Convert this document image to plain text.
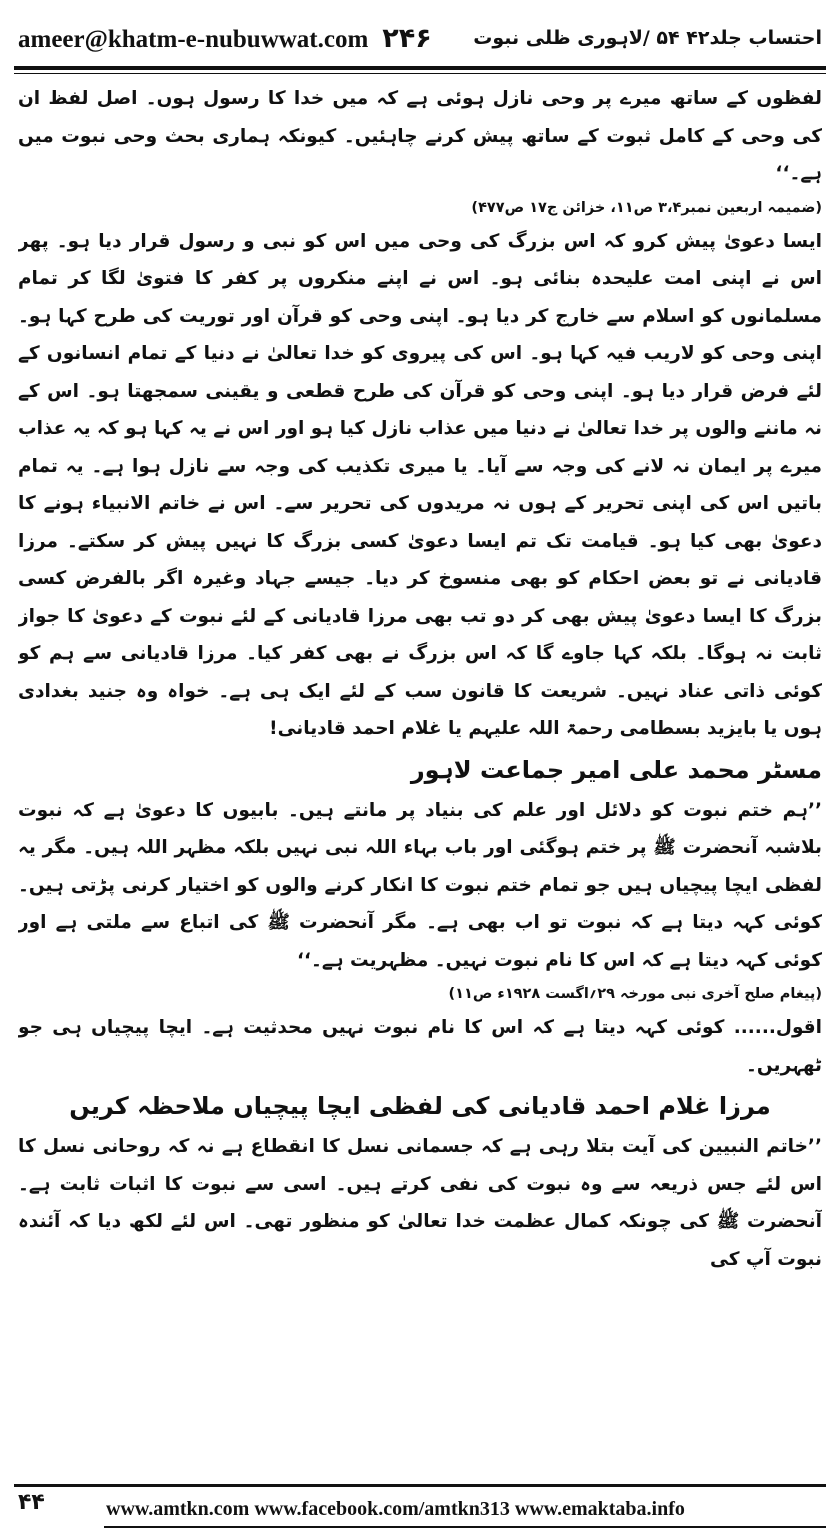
ameer@khatm-e-nubuwwat.com ۲۴۶ احتساب جلد۴۲ ۵۴ /لاہوری ظلی نبوت

لفظوں کے ساتھ میرے پر وحی نازل ہوئی ہے کہ میں خدا کا رسول ہوں۔ اصل لفظ ان کی وحی کے کامل ثبوت کے ساتھ پیش کرنے چاہئیں۔ کیونکہ ہماری بحث وحی نبوت میں ہے۔‘‘

(ضمیمہ اربعین نمبر۳،۴ ص۱۱، خزائن ج۱۷ ص۴۷۷)

ایسا دعویٰ پیش کرو کہ اس بزرگ کی وحی میں اس کو نبی و رسول قرار دیا ہو۔ پھر اس نے اپنی امت علیحدہ بنائی ہو۔ اس نے اپنے منکروں پر کفر کا فتویٰ لگا کر تمام مسلمانوں کو اسلام سے خارج کر دیا ہو۔ اپنی وحی کو قرآن اور توریت کی طرح کہا ہو۔ اپنی وحی کو لاریب فیہ کہا ہو۔ اس کی پیروی کو خدا تعالیٰ نے دنیا کے تمام انسانوں کے لئے فرض قرار دیا ہو۔ اپنی وحی کو قرآن کی طرح قطعی و یقینی سمجھتا ہو۔ اس کے نہ ماننے والوں پر خدا تعالیٰ نے دنیا میں عذاب نازل کیا ہو اور اس نے یہ کہا ہو کہ یہ عذاب میرے پر ایمان نہ لانے کی وجہ سے آیا۔ یا میری تکذیب کی وجہ سے نازل ہوا ہے۔ یہ تمام باتیں اس کی اپنی تحریر کے ہوں نہ مریدوں کی تحریر سے۔ اس نے خاتم الانبیاء ہونے کا دعویٰ بھی کیا ہو۔ قیامت تک تم ایسا دعویٰ کسی بزرگ کا نہیں پیش کر سکتے۔ مرزا قادیانی نے تو بعض احکام کو بھی منسوخ کر دیا۔ جیسے جہاد وغیرہ اگر بالفرض کسی بزرگ کا ایسا دعویٰ پیش بھی کر دو تب بھی مرزا قادیانی کے لئے نبوت کے دعویٰ کا جواز ثابت نہ ہوگا۔ بلکہ کہا جاوے گا کہ اس بزرگ نے بھی کفر کیا۔ مرزا قادیانی سے ہم کو کوئی ذاتی عناد نہیں۔ شریعت کا قانون سب کے لئے ایک ہی ہے۔ خواہ وہ جنید بغدادی ہوں یا بایزید بسطامی رحمۃ اللہ علیہم یا غلام احمد قادیانی!

مسٹر محمد علی امیر جماعت لاہور

’’ہم ختم نبوت کو دلائل اور علم کی بنیاد پر مانتے ہیں۔ بابیوں کا دعویٰ ہے کہ نبوت بلاشبہ آنحضرت ﷺ پر ختم ہوگئی اور باب بہاء اللہ نبی نہیں بلکہ مظہر اللہ ہیں۔ مگر یہ لفظی ایچا پیچیاں ہیں جو تمام ختم نبوت کا انکار کرنے والوں کو اختیار کرنی پڑتی ہیں۔ کوئی کہہ دیتا ہے کہ نبوت تو اب بھی ہے۔ مگر آنحضرت ﷺ کی اتباع سے ملتی ہے اور کوئی کہہ دیتا ہے کہ اس کا نام نبوت نہیں۔ مظہریت ہے۔‘‘

(پیغام صلح آخری نبی مورخہ ۲۹؍اگست ۱۹۲۸ء ص۱۱)

اقول...... کوئی کہہ دیتا ہے کہ اس کا نام نبوت نہیں محدثیت ہے۔ ایچا پیچیاں ہی جو ٹھہریں۔

مرزا غلام احمد قادیانی کی لفظی ایچا پیچیاں ملاحظہ کریں

’’خاتم النبیین کی آیت بتلا رہی ہے کہ جسمانی نسل کا انقطاع ہے نہ کہ روحانی نسل کا اس لئے جس ذریعہ سے وہ نبوت کی نفی کرتے ہیں۔ اسی سے نبوت کا اثبات ثابت ہے۔ آنحضرت ﷺ کی چونکہ کمال عظمت خدا تعالیٰ کو منظور تھی۔ اس لئے لکھ دیا کہ آئندہ نبوت آپ کی

۴۴	www.amtkn.com www.facebook.com/amtkn313 www.emaktaba.info
